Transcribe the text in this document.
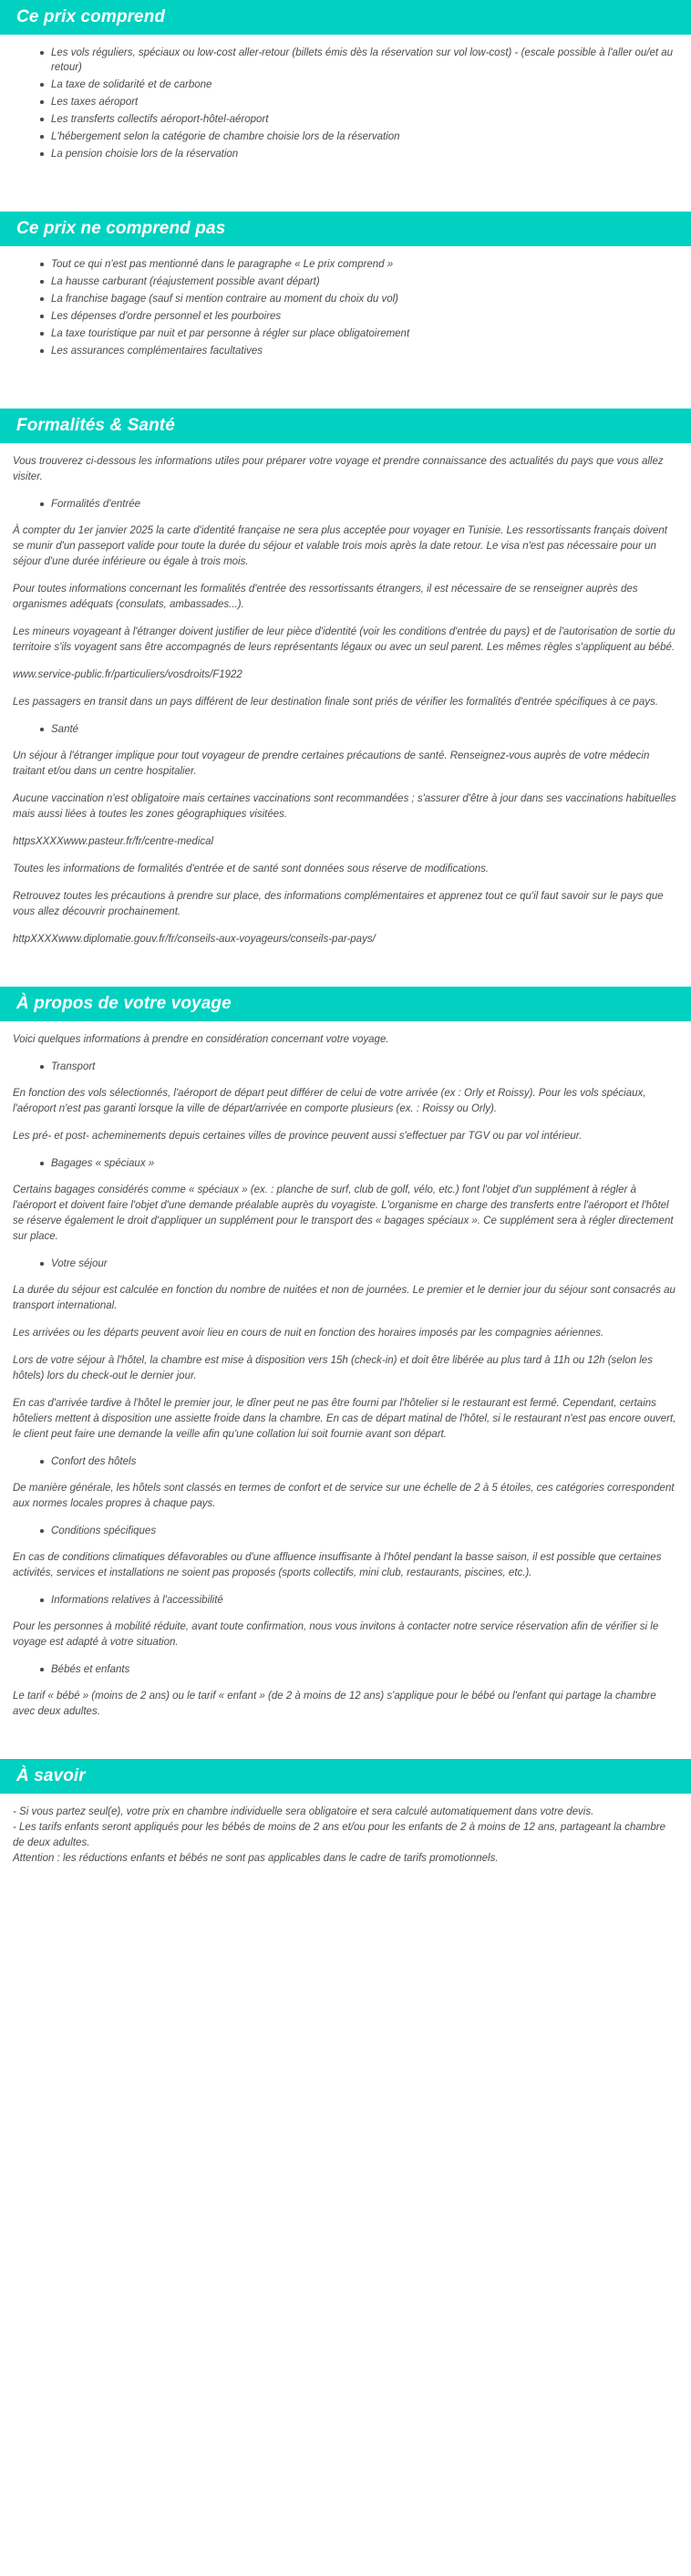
Ce prix comprend
Les vols réguliers, spéciaux ou low-cost aller-retour (billets émis dès la réservation sur vol low-cost) - (escale possible à l'aller ou/et au retour)
La taxe de solidarité et de carbone
Les taxes aéroport
Les transferts collectifs aéroport-hôtel-aéroport
L'hébergement selon la catégorie de chambre choisie lors de la réservation
La pension choisie lors de la réservation
Ce prix ne comprend pas
Tout ce qui n'est pas mentionné dans le paragraphe « Le prix comprend »
La hausse carburant (réajustement possible avant départ)
La franchise bagage (sauf si mention contraire au moment du choix du vol)
Les dépenses d'ordre personnel et les pourboires
La taxe touristique par nuit et par personne à régler sur place obligatoirement
Les assurances complémentaires facultatives
Formalités & Santé

Vous trouverez ci-dessous les informations utiles pour préparer votre voyage et prendre connaissance des actualités du pays que vous allez visiter.

Formalités d'entrée

À compter du 1er janvier 2025 la carte d'identité française ne sera plus acceptée pour voyager en Tunisie. Les ressortissants français doivent se munir d'un passeport valide pour toute la durée du séjour et valable trois mois après la date retour. Le visa n'est pas nécessaire pour un séjour d'une durée inférieure ou égale à trois mois.

Pour toutes informations concernant les formalités d'entrée des ressortissants étrangers, il est nécessaire de se renseigner auprès des organismes adéquats (consulats, ambassades...).

Les mineurs voyageant à l'étranger doivent justifier de leur pièce d'identité (voir les conditions d'entrée du pays) et de l'autorisation de sortie du territoire s'ils voyagent sans être accompagnés de leurs représentants légaux ou avec un seul parent. Les mêmes règles s'appliquent au bébé.

www.service-public.fr/particuliers/vosdroits/F1922

Les passagers en transit dans un pays différent de leur destination finale sont priés de vérifier les formalités d'entrée spécifiques à ce pays.

Santé

Un séjour à l'étranger implique pour tout voyageur de prendre certaines précautions de santé. Renseignez-vous auprès de votre médecin traitant et/ou dans un centre hospitalier.

Aucune vaccination n'est obligatoire mais certaines vaccinations sont recommandées ; s'assurer d'être à jour dans ses vaccinations habituelles mais aussi liées à toutes les zones géographiques visitées.

httpsXXXXwww.pasteur.fr/fr/centre-medical

Toutes les informations de formalités d'entrée et de santé sont données sous réserve de modifications.

Retrouvez toutes les précautions à prendre sur place, des informations complémentaires et apprenez tout ce qu'il faut savoir sur le pays que vous allez découvrir prochainement.

httpXXXXwww.diplomatie.gouv.fr/fr/conseils-aux-voyageurs/conseils-par-pays/

À propos de votre voyage

Voici quelques informations à prendre en considération concernant votre voyage.

Transport

En fonction des vols sélectionnés, l'aéroport de départ peut différer de celui de votre arrivée (ex : Orly et Roissy). Pour les vols spéciaux, l'aéroport n'est pas garanti lorsque la ville de départ/arrivée en comporte plusieurs (ex. : Roissy ou Orly).

Les pré- et post- acheminements depuis certaines villes de province peuvent aussi s'effectuer par TGV ou par vol intérieur.

Bagages « spéciaux »

Certains bagages considérés comme « spéciaux » (ex. : planche de surf, club de golf, vélo, etc.) font l'objet d'un supplément à régler à l'aéroport et doivent faire l'objet d'une demande préalable auprès du voyagiste. L'organisme en charge des transferts entre l'aéroport et l'hôtel se réserve également le droit d'appliquer un supplément pour le transport des « bagages spéciaux ». Ce supplément sera à régler directement sur place.

Votre séjour

La durée du séjour est calculée en fonction du nombre de nuitées et non de journées. Le premier et le dernier jour du séjour sont consacrés au transport international.

Les arrivées ou les départs peuvent avoir lieu en cours de nuit en fonction des horaires imposés par les compagnies aériennes.

Lors de votre séjour à l'hôtel, la chambre est mise à disposition vers 15h (check-in) et doit être libérée au plus tard à 11h ou 12h (selon les hôtels) lors du check-out le dernier jour.

En cas d'arrivée tardive à l'hôtel le premier jour, le dîner peut ne pas être fourni par l'hôtelier si le restaurant est fermé. Cependant, certains hôteliers mettent à disposition une assiette froide dans la chambre. En cas de départ matinal de l'hôtel, si le restaurant n'est pas encore ouvert, le client peut faire une demande la veille afin qu'une collation lui soit fournie avant son départ.

Confort des hôtels

De manière générale, les hôtels sont classés en termes de confort et de service sur une échelle de 2 à 5 étoiles, ces catégories correspondent aux normes locales propres à chaque pays.

Conditions spécifiques

En cas de conditions climatiques défavorables ou d'une affluence insuffisante à l'hôtel pendant la basse saison, il est possible que certaines activités, services et installations ne soient pas proposés (sports collectifs, mini club, restaurants, piscines, etc.).

Informations relatives à l'accessibilité

Pour les personnes à mobilité réduite, avant toute confirmation, nous vous invitons à contacter notre service réservation afin de vérifier si le voyage est adapté à votre situation.

Bébés et enfants

Le tarif « bébé » (moins de 2 ans) ou le tarif « enfant » (de 2 à moins de 12 ans) s'applique pour le bébé ou l'enfant qui partage la chambre avec deux adultes.

À savoir

- Si vous partez seul(e), votre prix en chambre individuelle sera obligatoire et sera calculé automatiquement dans votre devis.

- Les tarifs enfants seront appliqués pour les bébés de moins de 2 ans et/ou pour les enfants de 2 à moins de 12 ans, partageant la chambre de deux adultes.

Attention : les réductions enfants et bébés ne sont pas applicables dans le cadre de tarifs promotionnels.
